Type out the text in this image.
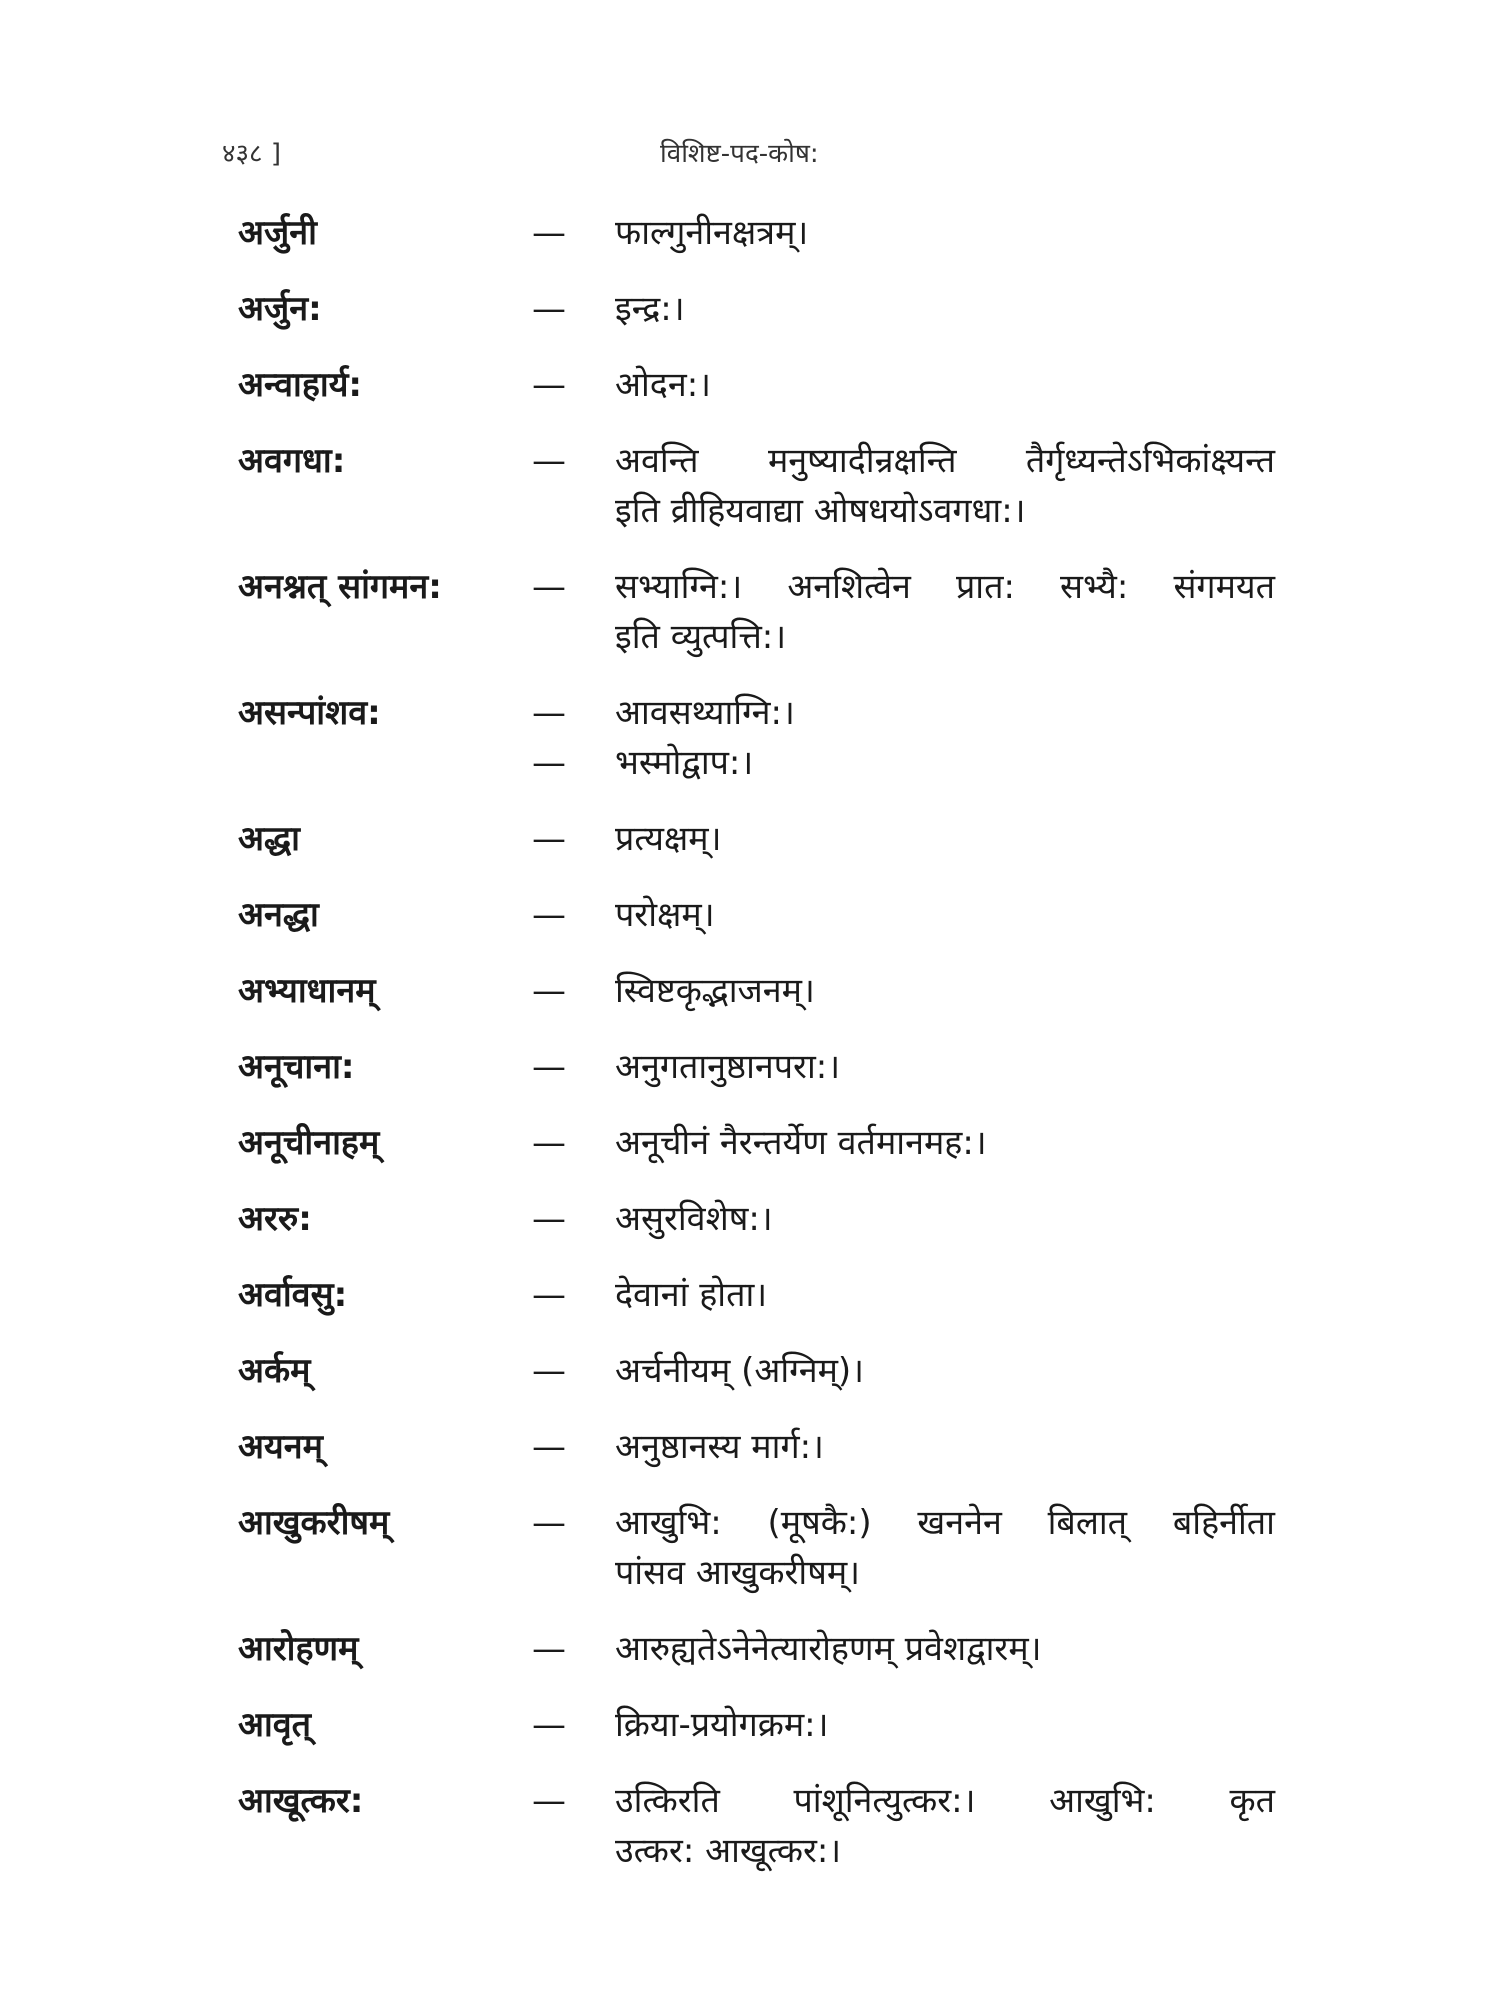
४३८ ]	विशिष्ट-पद-कोष:
अर्जुनी	— फाल्गुनीनक्षत्रम्।
अर्जुन:	— इन्द्र:।
अन्वाहार्य:	— ओदन:।
अवगधा:	— अवन्ति मनुष्यादीन्रक्षन्ति तैर्गृध्यन्तेऽभिकांक्ष्यन्त
इति व्रीहियवाद्या ओषधयोऽवगधा:।
अनश्नत् सांगमन:	— सभ्याग्नि:। अनशित्वेन प्रात: सभ्यै: संगमयत
इति व्युत्पत्ति:।
असन्पांशव:	— आवसथ्याग्नि:।
— भस्मोद्वाप:।
अद्धा	— प्रत्यक्षम्।
अनद्धा	— परोक्षम्।
अभ्याधानम्	— स्विष्टकृद्भाजनम्।
अनूचाना:	— अनुगतानुष्ठानपरा:।
अनूचीनाहम्	— अनूचीनं नैरन्तर्येण वर्तमानमह:।
अररु:	— असुरविशेष:।
अर्वावसु:	— देवानां होता।
अर्कम्	— अर्चनीयम् (अग्निम्)।
अयनम्	— अनुष्ठानस्य मार्ग:।
आखुकरीषम्	— आखुभि: (मूषकै:) खननेन बिलात् बहिर्नीता
पांसव आखुकरीषम्।
आरोहणम्	— आरुह्यतेऽनेनेत्यारोहणम् प्रवेशद्वारम्।
आवृत्	— क्रिया-प्रयोगक्रम:।
आखूत्कर:	— उत्किरति पांशूनित्युत्कर:। आखुभि: कृत
उत्कर: आखूत्कर:।
